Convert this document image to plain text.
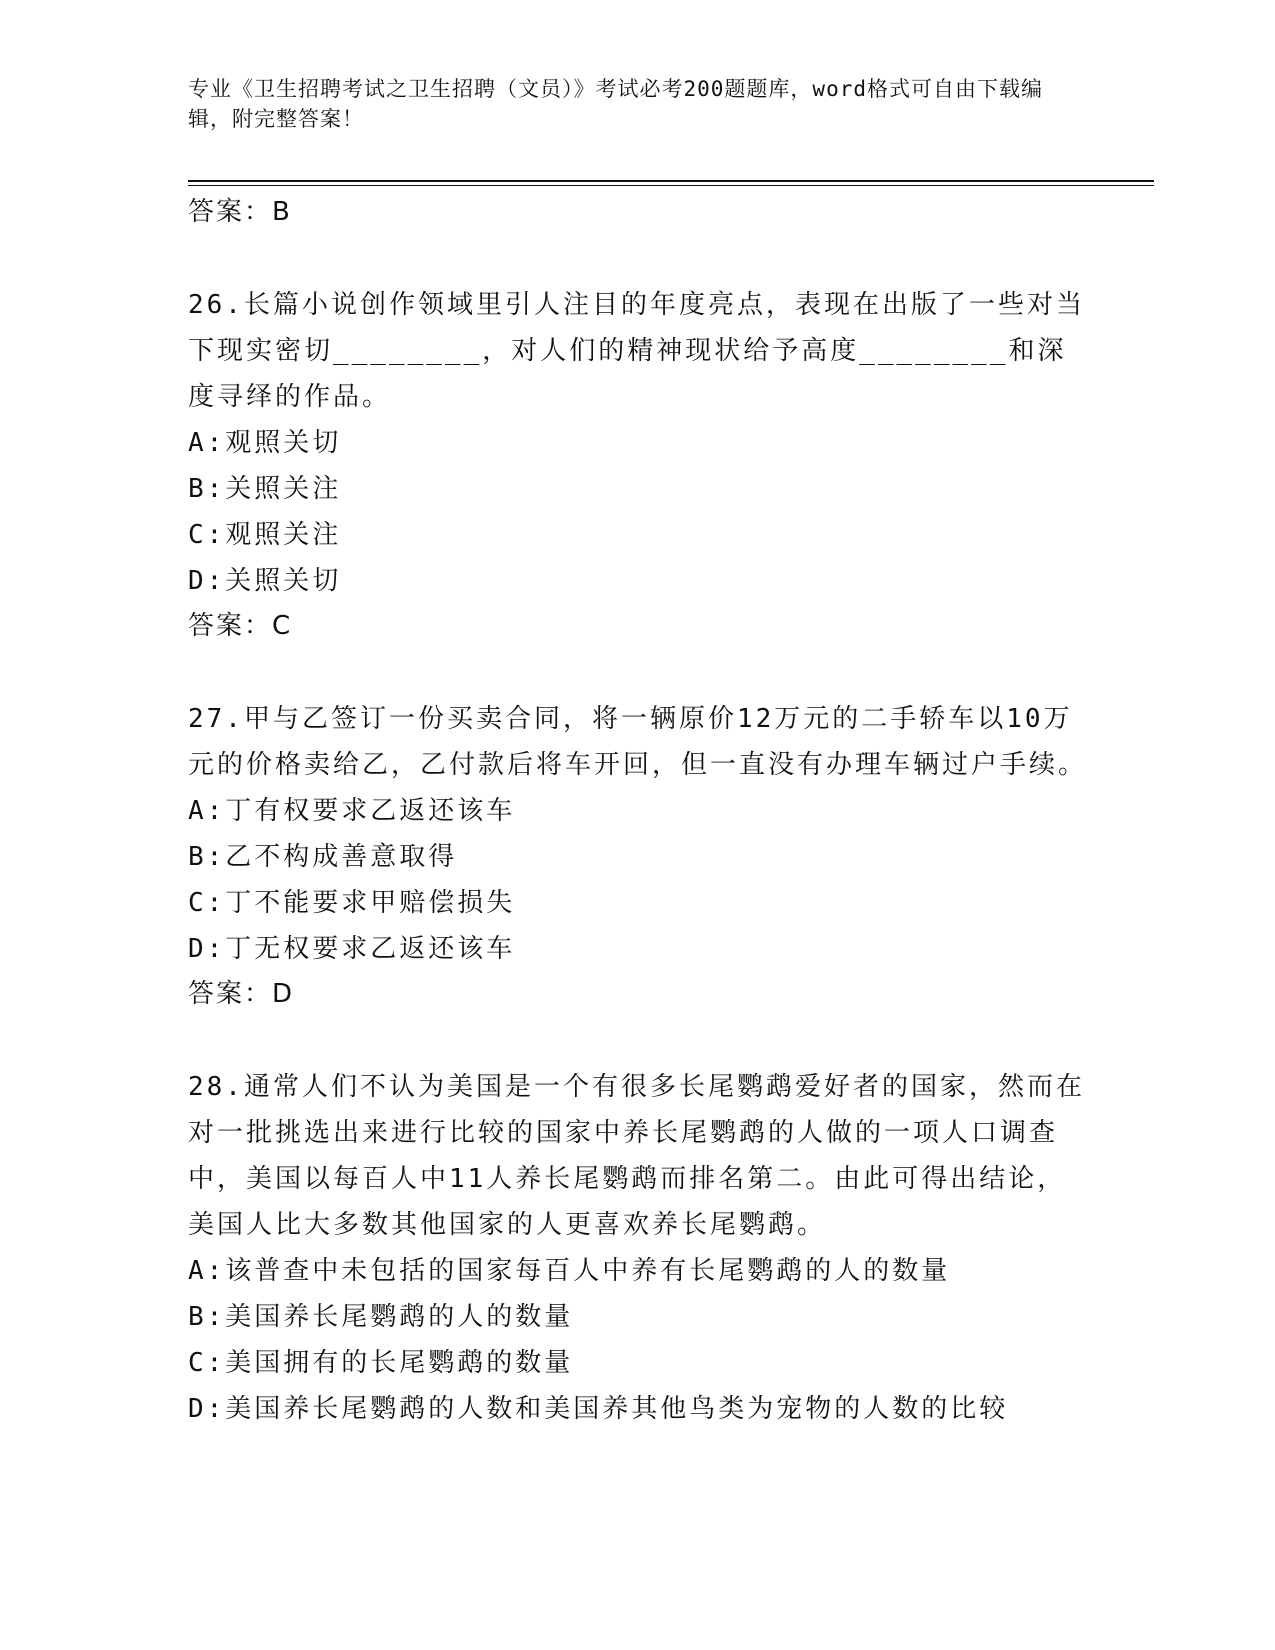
专业《卫生招聘考试之卫生招聘（文员）》考试必考200题题库，word格式可自由下载编辑，附完整答案！
答案：B
26.长篇小说创作领域里引人注目的年度亮点，表现在出版了一些对当下现实密切________，对人们的精神现状给予高度________和深度寻绎的作品。
A:观照关切
B:关照关注
C:观照关注
D:关照关切
答案：C
27.甲与乙签订一份买卖合同，将一辆原价12万元的二手轿车以10万元的价格卖给乙，乙付款后将车开回，但一直没有办理车辆过户手续。
A:丁有权要求乙返还该车
B:乙不构成善意取得
C:丁不能要求甲赔偿损失
D:丁无权要求乙返还该车
答案：D
28.通常人们不认为美国是一个有很多长尾鹦鹉爱好者的国家，然而在对一批挑选出来进行比较的国家中养长尾鹦鹉的人做的一项人口调查中，美国以每百人中11人养长尾鹦鹉而排名第二。由此可得出结论，美国人比大多数其他国家的人更喜欢养长尾鹦鹉。
A:该普查中未包括的国家每百人中养有长尾鹦鹉的人的数量
B:美国养长尾鹦鹉的人的数量
C:美国拥有的长尾鹦鹉的数量
D:美国养长尾鹦鹉的人数和美国养其他鸟类为宠物的人数的比较
